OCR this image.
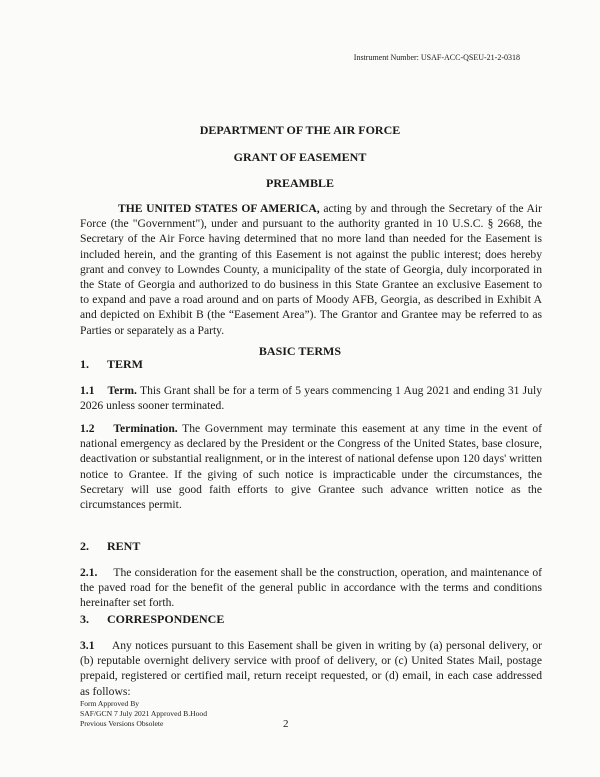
Instrument Number: USAF-ACC-QSEU-21-2-0318
DEPARTMENT OF THE AIR FORCE
GRANT OF EASEMENT
PREAMBLE
THE UNITED STATES OF AMERICA, acting by and through the Secretary of the Air Force (the "Government"), under and pursuant to the authority granted in 10 U.S.C. § 2668, the Secretary of the Air Force having determined that no more land than needed for the Easement is included herein, and the granting of this Easement is not against the public interest; does hereby grant and convey to Lowndes County, a municipality of the state of Georgia, duly incorporated in the State of Georgia and authorized to do business in this State Grantee an exclusive Easement to to expand and pave a road around and on parts of Moody AFB, Georgia, as described in Exhibit A and depicted on Exhibit B (the “Easement Area”). The Grantor and Grantee may be referred to as Parties or separately as a Party.
BASIC TERMS
1. TERM
1.1 Term. This Grant shall be for a term of 5 years commencing 1 Aug 2021 and ending 31 July 2026 unless sooner terminated.
1.2 Termination. The Government may terminate this easement at any time in the event of national emergency as declared by the President or the Congress of the United States, base closure, deactivation or substantial realignment, or in the interest of national defense upon 120 days' written notice to Grantee. If the giving of such notice is impracticable under the circumstances, the Secretary will use good faith efforts to give Grantee such advance written notice as the circumstances permit.
2. RENT
2.1. The consideration for the easement shall be the construction, operation, and maintenance of the paved road for the benefit of the general public in accordance with the terms and conditions hereinafter set forth.
3. CORRESPONDENCE
3.1 Any notices pursuant to this Easement shall be given in writing by (a) personal delivery, or (b) reputable overnight delivery service with proof of delivery, or (c) United States Mail, postage prepaid, registered or certified mail, return receipt requested, or (d) email, in each case addressed as follows:
Form Approved By
SAF/GCN 7 July 2021 Approved B.Hood
Previous Versions Obsolete	2
